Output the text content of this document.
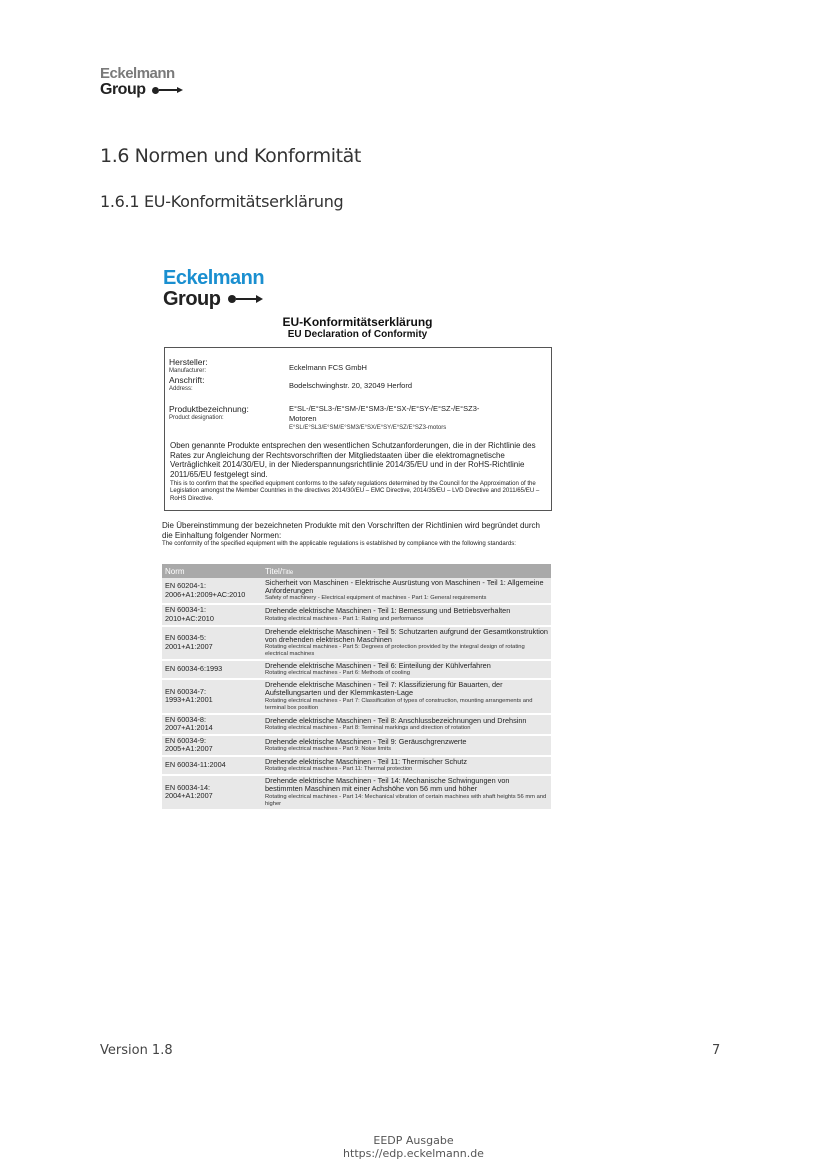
Eckelmann
Group
1.6 Normen und Konformität
1.6.1 EU-Konformitätserklärung
Eckelmann
Group
EU-Konformitätserklärung
EU Declaration of Conformity
Hersteller:
Manufacturer:	Eckelmann FCS GmbH
Anschrift:
Address:	Bodelschwinghstr. 20, 32049 Herford
Produktbezeichnung:
Product designation:
E°SL-/E°SL3-/E°SM-/E°SM3-/E°SX-/E°SY-/E°SZ-/E°SZ3-
Motoren
E°SL/E°SL3/E°SM/E°SM3/E°SX/E°SY/E°SZ/E°SZ3-motors
Oben genannte Produkte entsprechen den wesentlichen Schutzanforderungen, die in der Richtlinie des Rates zur Angleichung der Rechtsvorschriften der Mitgliedstaaten über die elektromagnetische Verträglichkeit 2014/30/EU, in der Niederspannungsrichtlinie 2014/35/EU und in der RoHS-Richtlinie 2011/65/EU festgelegt sind.
This is to confirm that the specified equipment conforms to the safety regulations determined by the Council for the Approximation of the Legislation amongst the Member Countries in the directives 2014/30/EU – EMC Directive, 2014/35/EU – LVD Directive and 2011/65/EU – RoHS Directive.
Die Übereinstimmung der bezeichneten Produkte mit den Vorschriften der Richtlinien wird begründet durch die Einhaltung folgender Normen:
The conformity of the specified equipment with the applicable regulations is established by compliance with the following standards:
Norm	Titel/Title
EN 60204-1:
2006+A1:2009+AC:2010	Sicherheit von Maschinen - Elektrische Ausrüstung von Maschinen - Teil 1: Allgemeine Anforderungen
Safety of machinery - Electrical equipment of machines - Part 1: General requirements

EN 60034-1:
2010+AC:2010	Drehende elektrische Maschinen - Teil 1: Bemessung und Betriebsverhalten
Rotating electrical machines - Part 1: Rating and performance

EN 60034-5:
2001+A1:2007	Drehende elektrische Maschinen - Teil 5: Schutzarten aufgrund der Gesamtkonstruktion von drehenden elektrischen Maschinen
Rotating electrical machines - Part 5: Degrees of protection provided by the integral design of rotating electrical machines

EN 60034-6:1993	Drehende elektrische Maschinen - Teil 6: Einteilung der Kühlverfahren
Rotating electrical machines - Part 6: Methods of cooling

EN 60034-7:
1993+A1:2001	Drehende elektrische Maschinen - Teil 7: Klassifizierung für Bauarten, der Aufstellungsarten und der Klemmkasten-Lage
Rotating electrical machines - Part 7: Classification of types of construction, mounting arrangements and terminal box position

EN 60034-8:
2007+A1:2014	Drehende elektrische Maschinen - Teil 8: Anschlussbezeichnungen und Drehsinn
Rotating electrical machines - Part 8: Terminal markings and direction of rotation

EN 60034-9:
2005+A1:2007	Drehende elektrische Maschinen - Teil 9: Geräuschgrenzwerte
Rotating electrical machines - Part 9: Noise limits

EN 60034-11:2004	Drehende elektrische Maschinen - Teil 11: Thermischer Schutz
Rotating electrical machines - Part 11: Thermal protection

EN 60034-14:
2004+A1:2007	Drehende elektrische Maschinen - Teil 14: Mechanische Schwingungen von bestimmten Maschinen mit einer Achshöhe von 56 mm und höher
Rotating electrical machines - Part 14: Mechanical vibration of certain machines with shaft heights 56 mm and higher
Version 1.8	7
EEDP Ausgabe
https://edp.eckelmann.de
